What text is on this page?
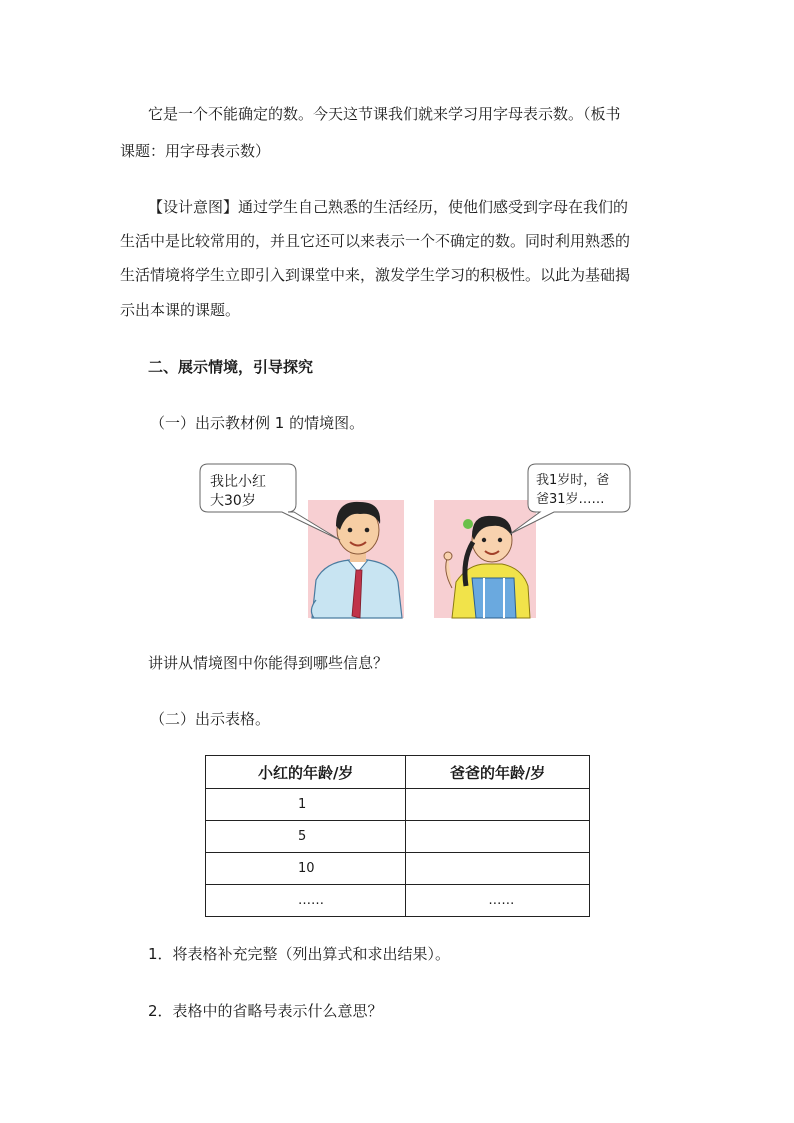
它是一个不能确定的数。今天这节课我们就来学习用字母表示数。（板书
课题：用字母表示数）
【设计意图】通过学生自己熟悉的生活经历，使他们感受到字母在我们的
生活中是比较常用的，并且它还可以来表示一个不确定的数。同时利用熟悉的
生活情境将学生立即引入到课堂中来，激发学生学习的积极性。以此为基础揭
示出本课的课题。
二、展示情境，引导探究
（一）出示教材例 1 的情境图。
我比小红
大30岁
我1岁时，爸
爸31岁……
讲讲从情境图中你能得到哪些信息？
（二）出示表格。
小红的年龄/岁	爸爸的年龄/岁
1	
5	
10	
……	……
1．将表格补充完整（列出算式和求出结果）。
2．表格中的省略号表示什么意思？
